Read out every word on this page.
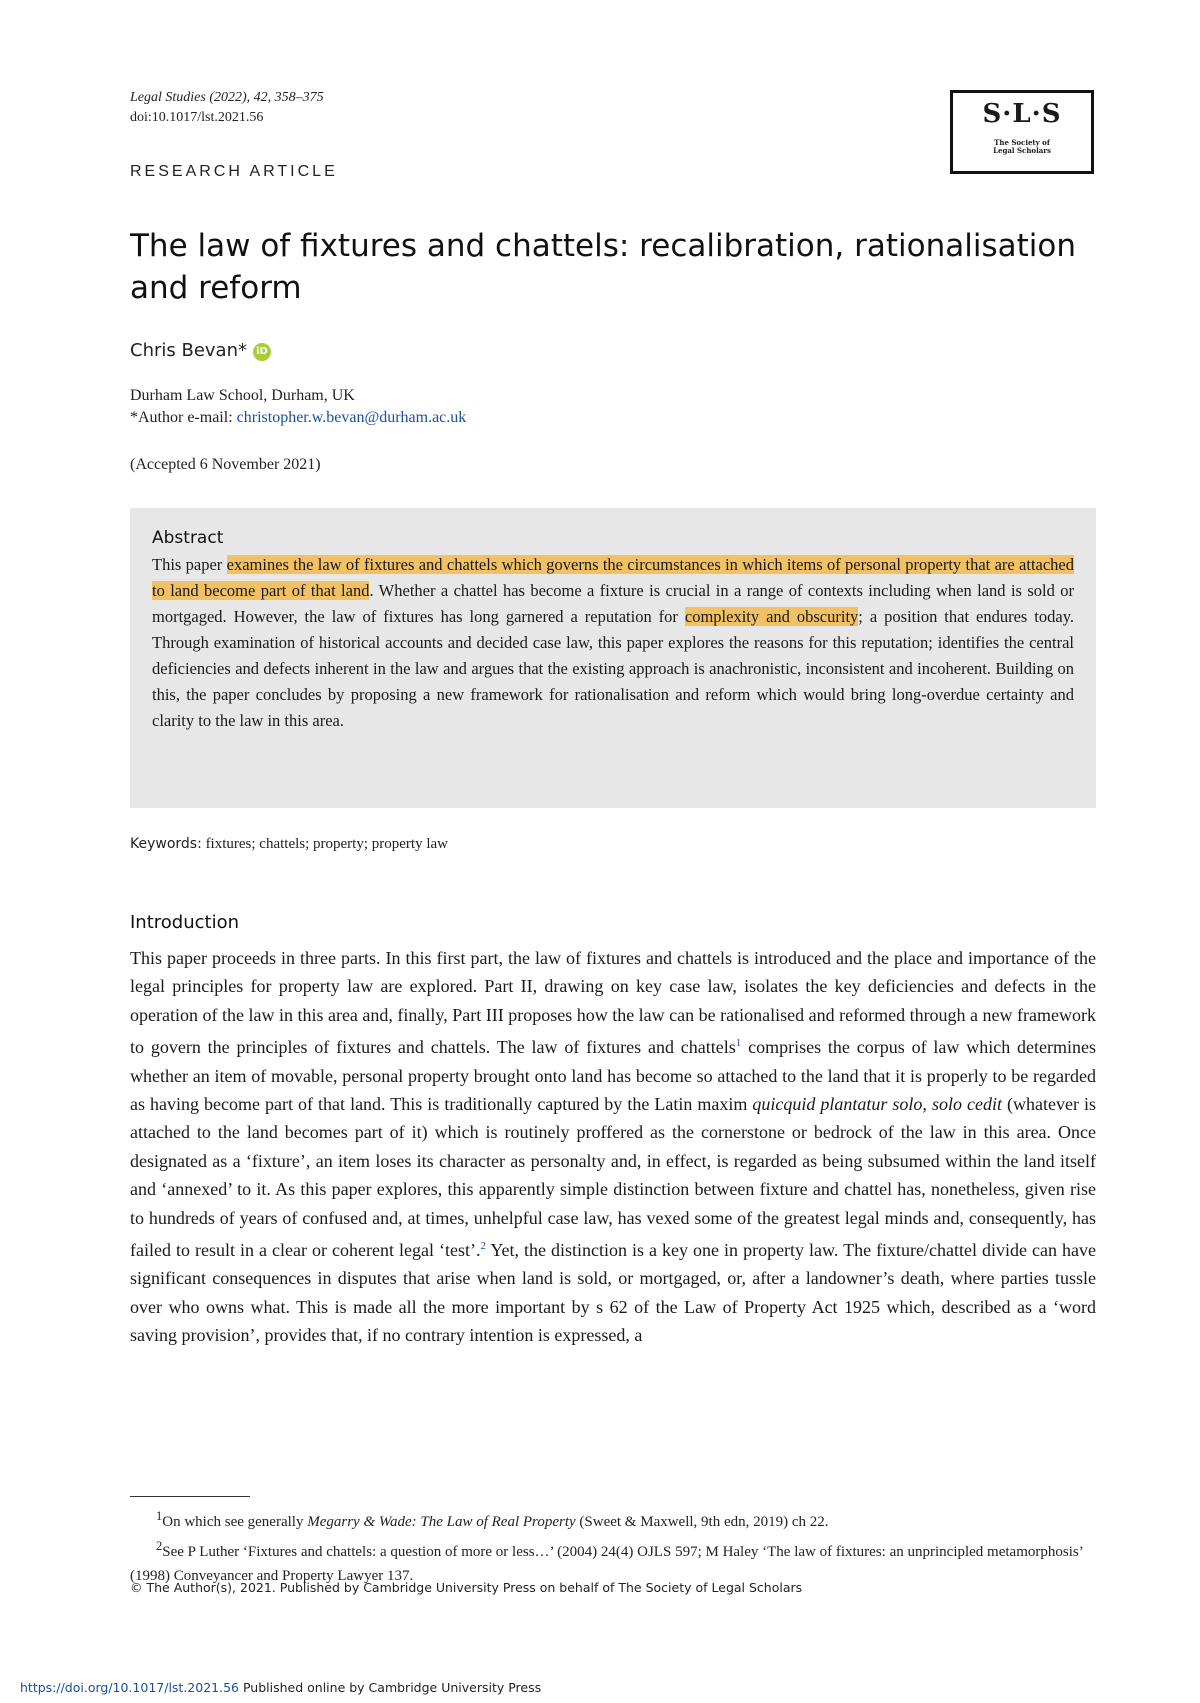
Legal Studies (2022), 42, 358–375
doi:10.1017/lst.2021.56
RESEARCH ARTICLE
S·L·S
The Society of
Legal Scholars
The law of fixtures and chattels: recalibration, rationalisation and reform
Chris Bevan* iD
Durham Law School, Durham, UK
*Author e-mail: christopher.w.bevan@durham.ac.uk
(Accepted 6 November 2021)
Abstract
This paper examines the law of fixtures and chattels which governs the circumstances in which items of personal property that are attached to land become part of that land. Whether a chattel has become a fixture is crucial in a range of contexts including when land is sold or mortgaged. However, the law of fixtures has long garnered a reputation for complexity and obscurity; a position that endures today. Through examination of historical accounts and decided case law, this paper explores the reasons for this reputation; identifies the central deficiencies and defects inherent in the law and argues that the existing approach is anachronistic, inconsistent and incoherent. Building on this, the paper concludes by proposing a new framework for rationalisation and reform which would bring long-overdue certainty and clarity to the law in this area.
Keywords: fixtures; chattels; property; property law
Introduction
This paper proceeds in three parts. In this first part, the law of fixtures and chattels is introduced and the place and importance of the legal principles for property law are explored. Part II, drawing on key case law, isolates the key deficiencies and defects in the operation of the law in this area and, finally, Part III proposes how the law can be rationalised and reformed through a new framework to govern the principles of fixtures and chattels. The law of fixtures and chattels$^1$ comprises the corpus of law which determines whether an item of movable, personal property brought onto land has become so attached to the land that it is properly to be regarded as having become part of that land. This is traditionally captured by the Latin maxim quicquid plantatur solo, solo cedit (whatever is attached to the land becomes part of it) which is routinely proffered as the cornerstone or bedrock of the law in this area. Once designated as a ‘fixture’, an item loses its character as personalty and, in effect, is regarded as being subsumed within the land itself and ‘annexed’ to it. As this paper explores, this apparently simple distinction between fixture and chattel has, nonetheless, given rise to hundreds of years of confused and, at times, unhelpful case law, has vexed some of the greatest legal minds and, consequently, has failed to result in a clear or coherent legal ‘test’.$^2$ Yet, the distinction is a key one in property law. The fixture/chattel divide can have significant consequences in disputes that arise when land is sold, or mortgaged, or, after a landowner’s death, where parties tussle over who owns what. This is made all the more important by s 62 of the Law of Property Act 1925 which, described as a ‘word saving provision’, provides that, if no contrary intention is expressed, a

$^1$On which see generally Megarry & Wade: The Law of Real Property (Sweet & Maxwell, 9th edn, 2019) ch 22.

$^2$See P Luther ‘Fixtures and chattels: a question of more or less…’ (2004) 24(4) OJLS 597; M Haley ‘The law of fixtures: an unprincipled metamorphosis’ (1998) Conveyancer and Property Lawyer 137.

© The Author(s), 2021. Published by Cambridge University Press on behalf of The Society of Legal Scholars
https://doi.org/10.1017/lst.2021.56 Published online by Cambridge University Press
